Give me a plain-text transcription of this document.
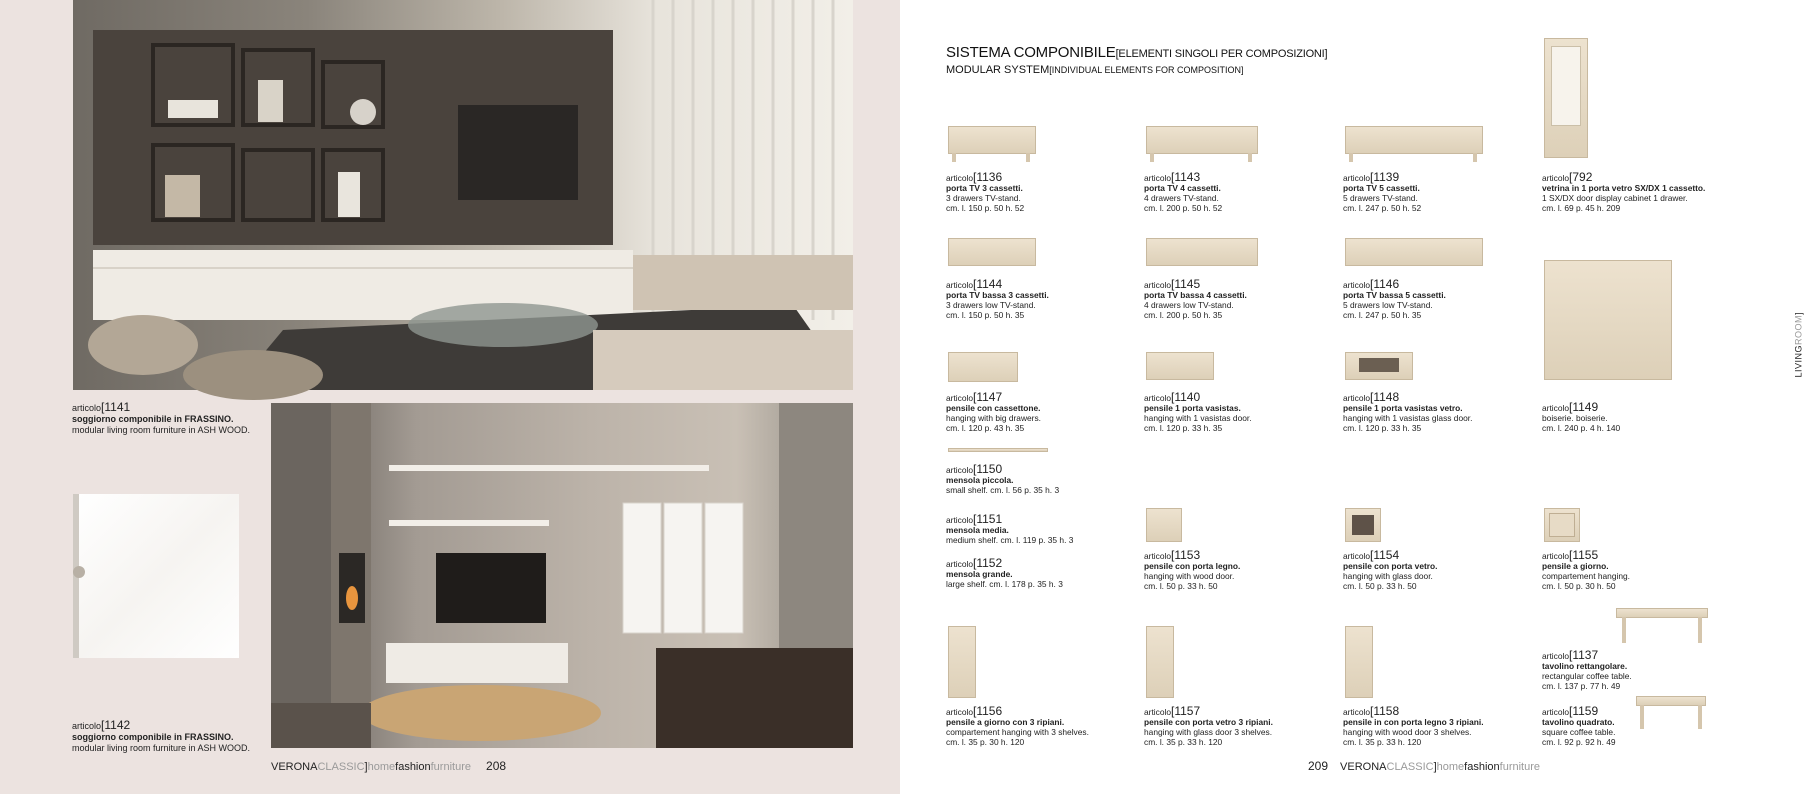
articolo[1141
soggiorno componibile in FRASSINO.
modular living room furniture in ASH WOOD.
articolo[1142
soggiorno componibile in FRASSINO.
modular living room furniture in ASH WOOD.
VERONACLASSIC]homefashionfurniture 208
SISTEMA COMPONIBILE[ELEMENTI SINGOLI PER COMPOSIZIONI]
MODULAR SYSTEM[INDIVIDUAL ELEMENTS FOR COMPOSITION]
articolo[1136
porta TV 3 cassetti.
3 drawers TV-stand.
cm. l. 150 p. 50 h. 52
articolo[1143
porta TV 4 cassetti.
4 drawers TV-stand.
cm. l. 200 p. 50 h. 52
articolo[1139
porta TV 5 cassetti.
5 drawers TV-stand.
cm. l. 247 p. 50 h. 52
articolo[792
vetrina in 1 porta vetro SX/DX 1 cassetto.
1 SX/DX door display cabinet 1 drawer.
cm. l. 69 p. 45 h. 209
articolo[1144
porta TV bassa 3 cassetti.
3 drawers low TV-stand.
cm. l. 150 p. 50 h. 35
articolo[1145
porta TV bassa 4 cassetti.
4 drawers low TV-stand.
cm. l. 200 p. 50 h. 35
articolo[1146
porta TV bassa 5 cassetti.
5 drawers low TV-stand.
cm. l. 247 p. 50 h. 35
articolo[1147
pensile con cassettone.
hanging with big drawers.
cm. l. 120 p. 43 h. 35
articolo[1140
pensile 1 porta vasistas.
hanging with 1 vasistas door.
cm. l. 120 p. 33 h. 35
articolo[1148
pensile 1 porta vasistas vetro.
hanging with 1 vasistas glass door.
cm. l. 120 p. 33 h. 35
articolo[1149
boiserie. boiserie.
cm. l. 240 p. 4 h. 140
articolo[1150
mensola piccola.
small shelf. cm. l. 56 p. 35 h. 3
articolo[1151
mensola media.
medium shelf. cm. l. 119 p. 35 h. 3
articolo[1152
mensola grande.
large shelf. cm. l. 178 p. 35 h. 3
articolo[1153
pensile con porta legno.
hanging with wood door.
cm. l. 50 p. 33 h. 50
articolo[1154
pensile con porta vetro.
hanging with glass door.
cm. l. 50 p. 33 h. 50
articolo[1155
pensile a giorno.
compartement hanging.
cm. l. 50 p. 30 h. 50
articolo[1137
tavolino rettangolare.
rectangular coffee table.
cm. l. 137 p. 77 h. 49
articolo[1156
pensile a giorno con 3 ripiani.
compartement hanging with 3 shelves.
cm. l. 35 p. 30 h. 120
articolo[1157
pensile con porta vetro 3 ripiani.
hanging with glass door 3 shelves.
cm. l. 35 p. 33 h. 120
articolo[1158
pensile in con porta legno 3 ripiani.
hanging with wood door 3 shelves.
cm. l. 35 p. 33 h. 120
articolo[1159
tavolino quadrato.
square coffee table.
cm. l. 92 p. 92 h. 49
LIVINGROOM]
209 VERONACLASSIC]homefashionfurniture
